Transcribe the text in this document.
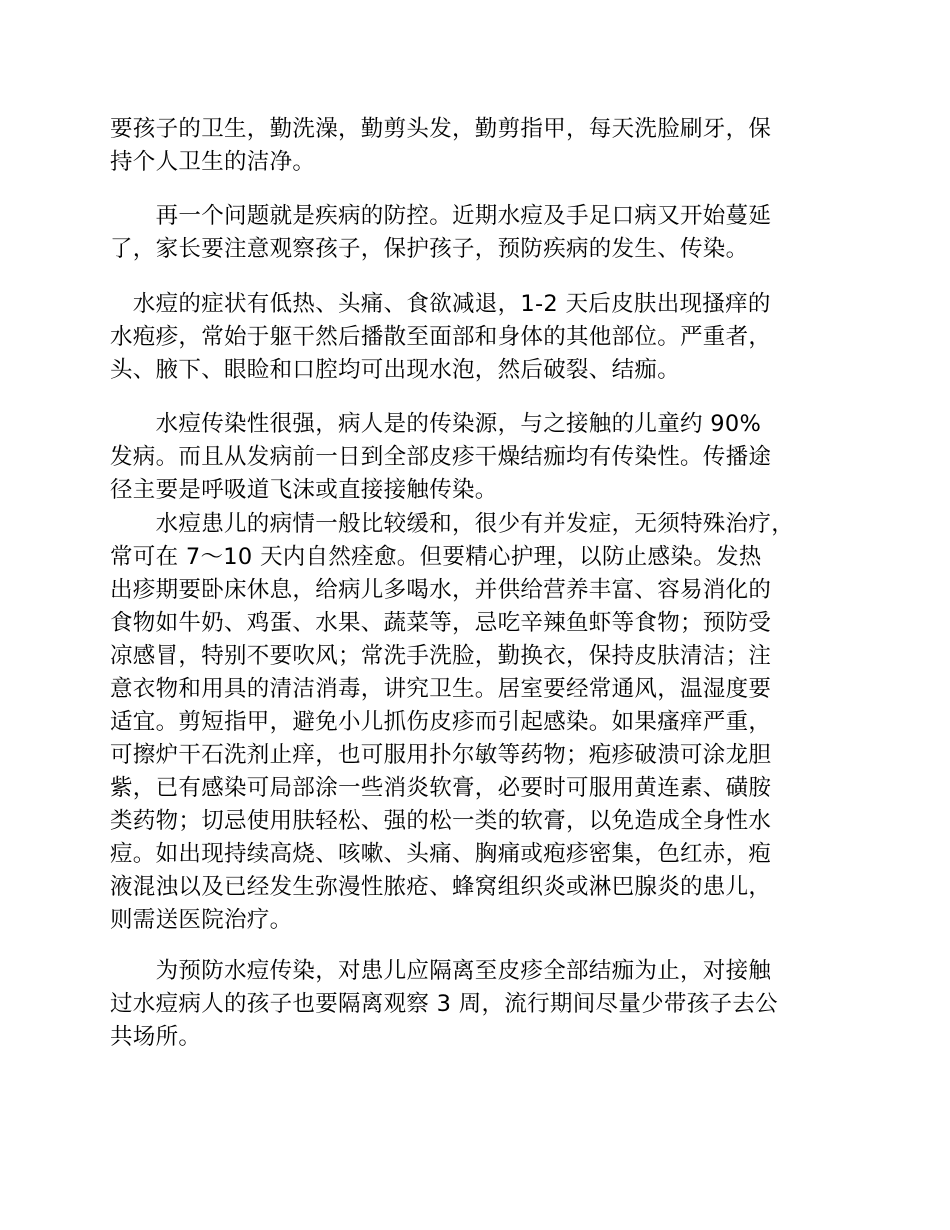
要孩子的卫生，勤洗澡，勤剪头发，勤剪指甲，每天洗脸刷牙，保
持个人卫生的洁净。

　　再一个问题就是疾病的防控。近期水痘及手足口病又开始蔓延
了，家长要注意观察孩子，保护孩子，预防疾病的发生、传染。

　水痘的症状有低热、头痛、食欲减退，1-2 天后皮肤出现搔痒的
水疱疹，常始于躯干然后播散至面部和身体的其他部位。严重者，
头、腋下、眼睑和口腔均可出现水泡，然后破裂、结痂。

　　水痘传染性很强，病人是的传染源，与之接触的儿童约 90%
发病。而且从发病前一日到全部皮疹干燥结痂均有传染性。传播途
径主要是呼吸道飞沫或直接接触传染。

　　水痘患儿的病情一般比较缓和，很少有并发症，无须特殊治疗，
常可在 7～10 天内自然痊愈。但要精心护理，以防止感染。发热
出疹期要卧床休息，给病儿多喝水，并供给营养丰富、容易消化的
食物如牛奶、鸡蛋、水果、蔬菜等，忌吃辛辣鱼虾等食物；预防受
凉感冒，特别不要吹风；常洗手洗脸，勤换衣，保持皮肤清洁；注
意衣物和用具的清洁消毒，讲究卫生。居室要经常通风，温湿度要
适宜。剪短指甲，避免小儿抓伤皮疹而引起感染。如果瘙痒严重，
可擦炉干石洗剂止痒，也可服用扑尔敏等药物；疱疹破溃可涂龙胆
紫，已有感染可局部涂一些消炎软膏，必要时可服用黄连素、磺胺
类药物；切忌使用肤轻松、强的松一类的软膏，以免造成全身性水
痘。如出现持续高烧、咳嗽、头痛、胸痛或疱疹密集，色红赤，疱
液混浊以及已经发生弥漫性脓疮、蜂窝组织炎或淋巴腺炎的患儿，
则需送医院治疗。

　　为预防水痘传染，对患儿应隔离至皮疹全部结痂为止，对接触
过水痘病人的孩子也要隔离观察 3 周，流行期间尽量少带孩子去公
共场所。
